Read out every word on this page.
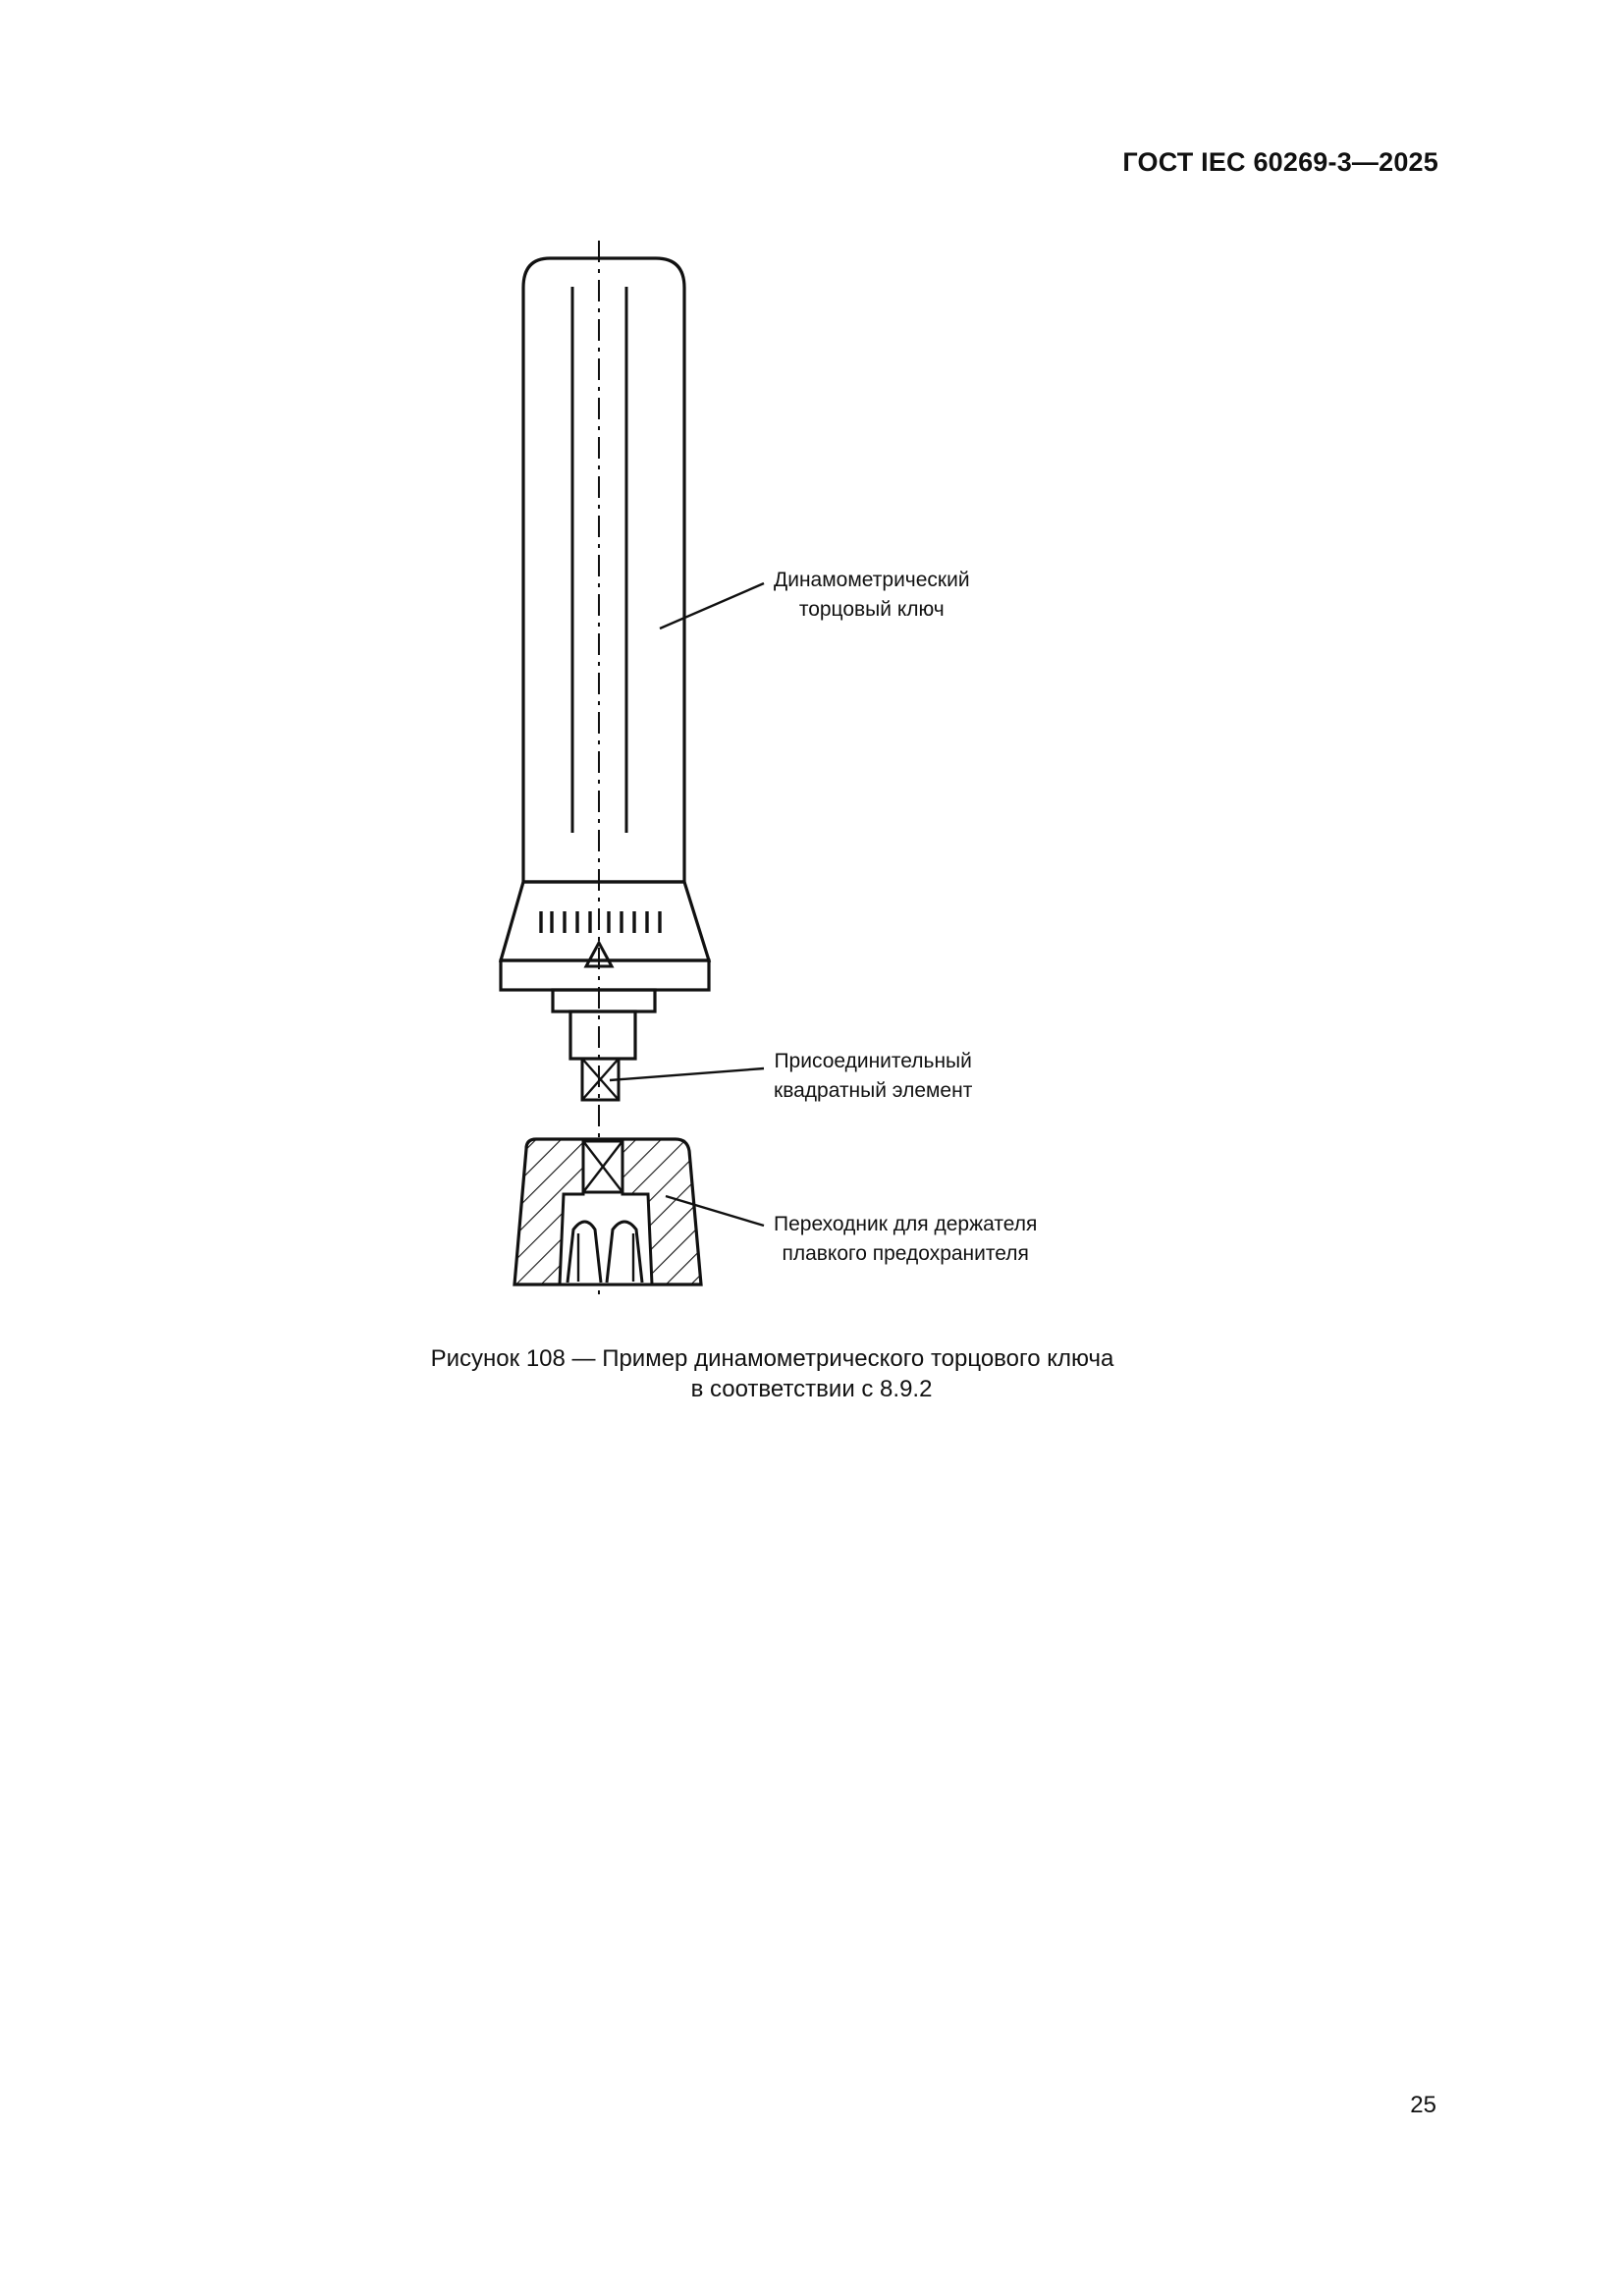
ГОСТ IEC 60269-3—2025
Динамометрический
торцовый ключ
Присоединительный
квадратный элемент
Переходник для держателя
плавкого предохранителя
Рисунок 108 — Пример динамометрического торцового ключа
в соответствии с 8.9.2
25
